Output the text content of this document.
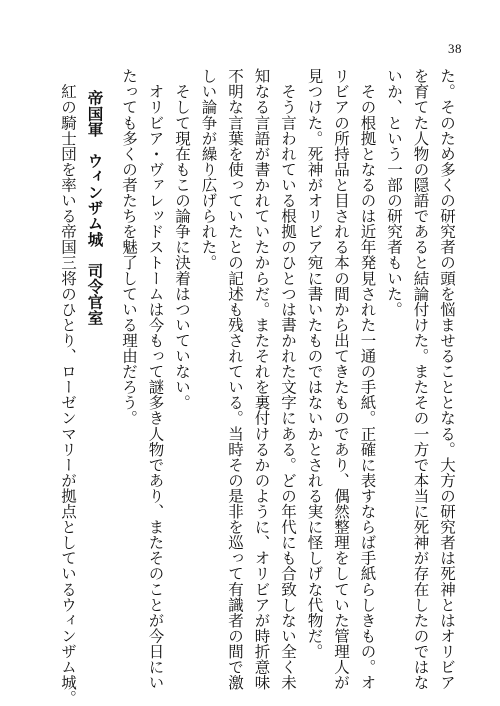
38
た。そのため多くの研究者の頭を悩ませることとなる。大方の研究者は死神とはオリビア
を育てた人物の隠語であると結論付けた。またその一方で本当に死神が存在したのではな
いか、という一部の研究者もいた。
　その根拠となるのは近年発見された一通の手紙。正確に表すならば手紙らしきもの。オ
リビアの所持品と目される本の間から出てきたものであり、偶然整理をしていた管理人が
見つけた。死神がオリビア宛に書いたものではないかとされる実に怪しげな代物だ。
　そう言われている根拠のひとつは書かれた文字にある。どの年代にも合致しない全く未
知なる言語が書かれていたからだ。またそれを裏付けるかのように、オリビアが時折意味
不明な言葉を使っていたとの記述も残されている。当時その是非を巡って有識者の間で激
しい論争が繰り広げられた。
　そして現在もこの論争に決着はついていない。
　オリビア・ヴァレッドストームは今もって謎多き人物であり、またそのことが今日にい
たっても多くの者たちを魅了している理由だろう。
帝国軍　ウィンザム城　司令官室
　紅の騎士団を率いる帝国三将のひとり、ローゼンマリーが拠点としているウィンザム城。
